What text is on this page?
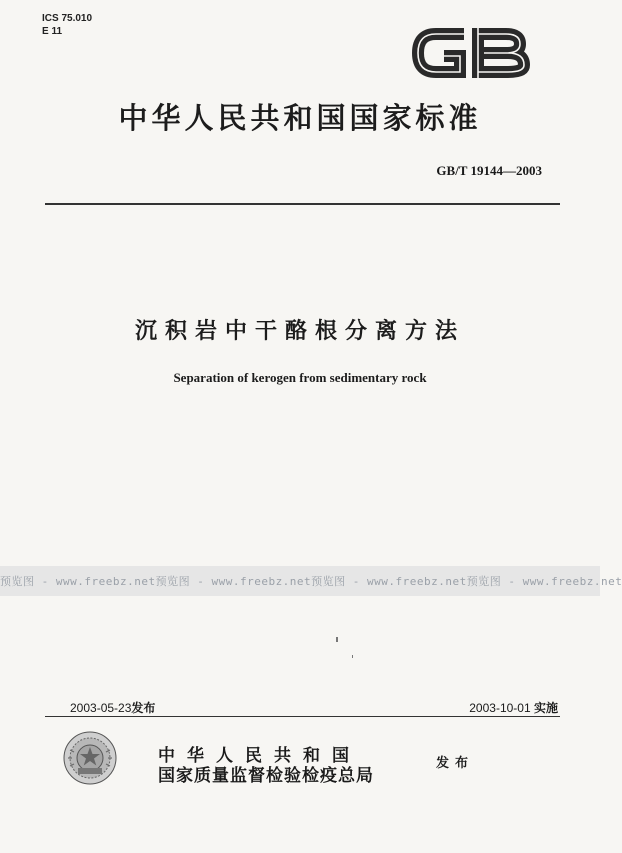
ICS 75.010
E 11
中华人民共和国国家标准
GB/T 19144—2003
沉积岩中干酪根分离方法
Separation of kerogen from sedimentary rock
预览图 - www.freebz.net 预览图 - www.freebz.net 预览图 - www.freebz.net 预览图 - www.freebz.net
2003-05-23发布	2003-10-01 实施
中华人民共和国
国家质量监督检验检疫总局
发布
